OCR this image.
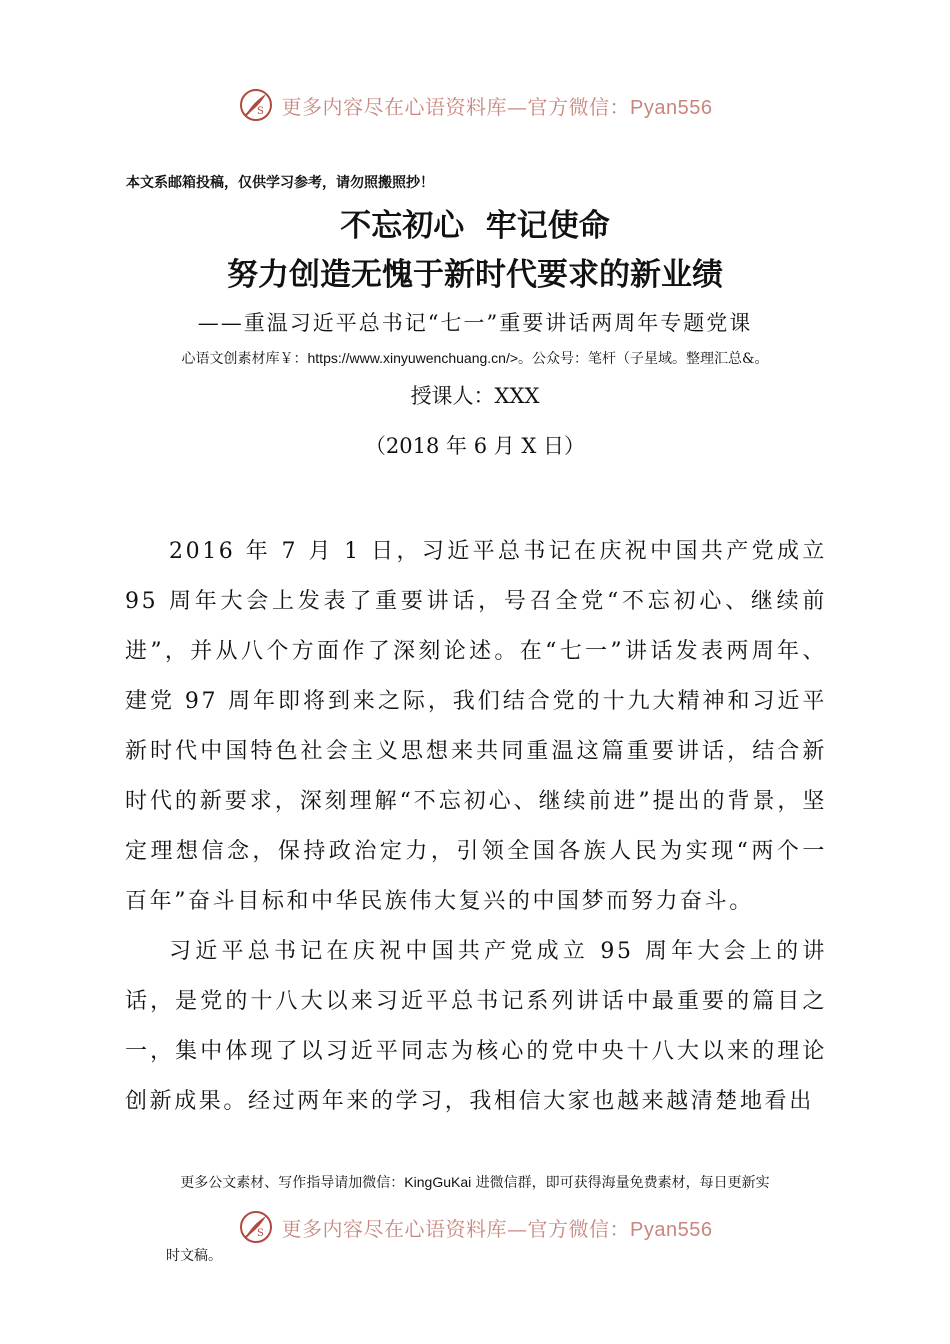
S 更多内容尽在心语资料库—官方微信：Pyan556
本文系邮箱投稿，仅供学习参考，请勿照搬照抄！
不忘初心  牢记使命
努力创造无愧于新时代要求的新业绩
——重温习近平总书记“七一”重要讲话两周年专题党课
心语文创素材库￥：https://www.xinyuwenchuang.cn/>。公众号：笔杆（子星域。整理汇总&。
授课人：XXX
（2018 年 6 月 X 日）

2016 年 7 月 1 日，习近平总书记在庆祝中国共产党成立 95 周年大会上发表了重要讲话，号召全党“不忘初心、继续前进”，并从八个方面作了深刻论述。在“七一”讲话发表两周年、建党 97 周年即将到来之际，我们结合党的十九大精神和习近平新时代中国特色社会主义思想来共同重温这篇重要讲话，结合新时代的新要求，深刻理解“不忘初心、继续前进”提出的背景，坚定理想信念，保持政治定力，引领全国各族人民为实现“两个一百年”奋斗目标和中华民族伟大复兴的中国梦而努力奋斗。

习近平总书记在庆祝中国共产党成立 95 周年大会上的讲话，是党的十八大以来习近平总书记系列讲话中最重要的篇目之一，集中体现了以习近平同志为核心的党中央十八大以来的理论创新成果。经过两年来的学习，我相信大家也越来越清楚地看出

更多公文素材、写作指导请加微信：KingGuKai 进微信群，即可获得海量免费素材，每日更新实
S 更多内容尽在心语资料库—官方微信：Pyan556
时文稿。
